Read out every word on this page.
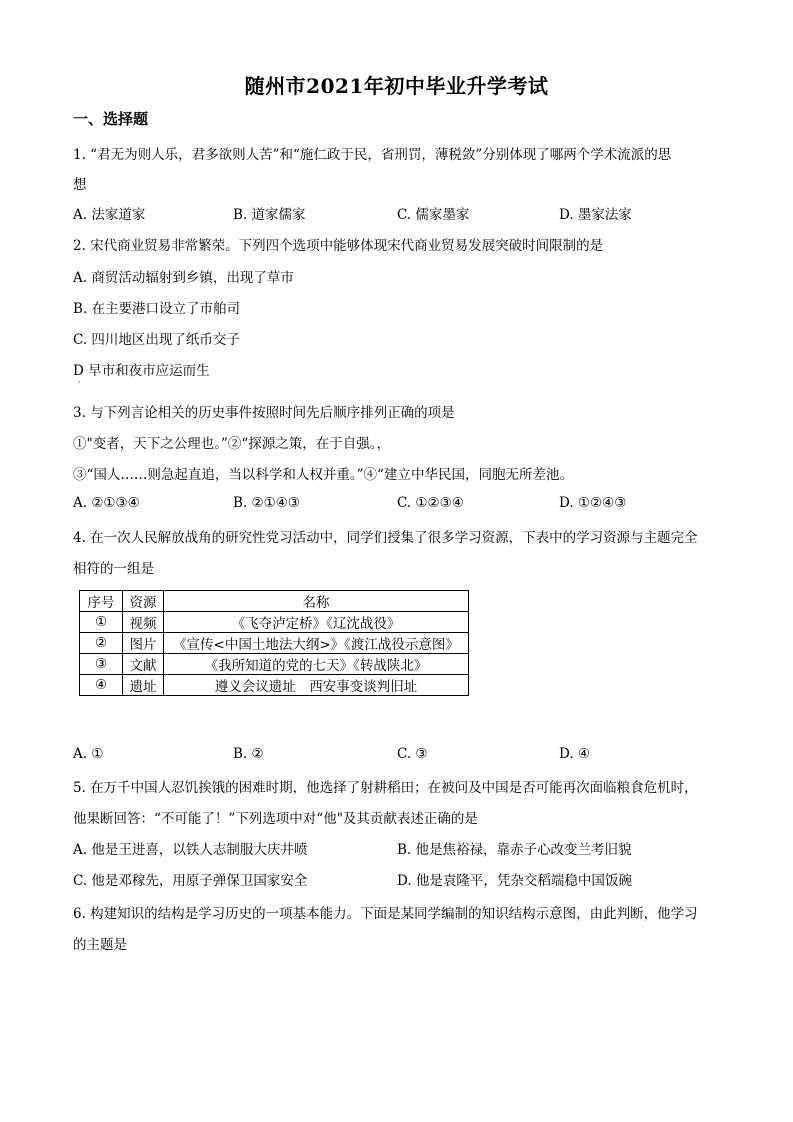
随州市2021年初中毕业升学考试
一、选择题
1. “君无为则人乐，君多欲则人苦”和“施仁政于民，省刑罚，薄税敛”分别体现了哪两个学术流派的思
想
A. 法家道家	B. 道家儒家	C. 儒家墨家	D. 墨家法家
2. 宋代商业贸易非常繁荣。下列四个选项中能够体现宋代商业贸易发展突破时间限制的是
A. 商贸活动辐射到乡镇，出现了草市
B. 在主要港口设立了市舶司
C. 四川地区出现了纸币交子
D 早市和夜市应运而生
·
3. 与下列言论相关的历史事件按照时间先后顺序排列正确的项是
①"变者，天下之公理也。”②“探源之策，在于自强。，
③“国人……则急起直追，当以科学和人权并重。”④“建立中华民国，同胞无所差池。
A. ②①③④	B. ②①④③	C. ①②③④	D. ①②④③
4. 在一次人民解放战角的研究性党习活动中，同学们授集了很多学习资源，下表中的学习资源与主题完全
相符的一组是
序号	资源	名称
①	视频	《飞夺泸定桥》《辽沈战役》
②	图片	《宣传<中国土地法大纲>》《渡江战役示意图》
③	文献	《我所知道的党的七天》《转战陕北》
④	遗址	遵义会议遗址　西安事变谈判旧址
A. ①	B. ②	C. ③	D. ④
5. 在万千中国人忍饥挨饿的困难时期，他选择了射耕稻田；在被问及中国是否可能再次面临粮食危机时，
他果断回答：“不可能了！”下列选项中对“他"及其贡献表述正确的是
A. 他是王进喜，以铁人志制服大庆井喷	B. 他是焦裕禄，靠赤子心改变兰考旧貌
C. 他是邓稼先，用原子弹保卫国家安全	D. 他是袁隆平，凭杂交稻端稳中国饭碗
6. 构建知识的结构是学习历史的一项基本能力。下面是某同学编制的知识结构示意图，由此判断，他学习
的主题是
